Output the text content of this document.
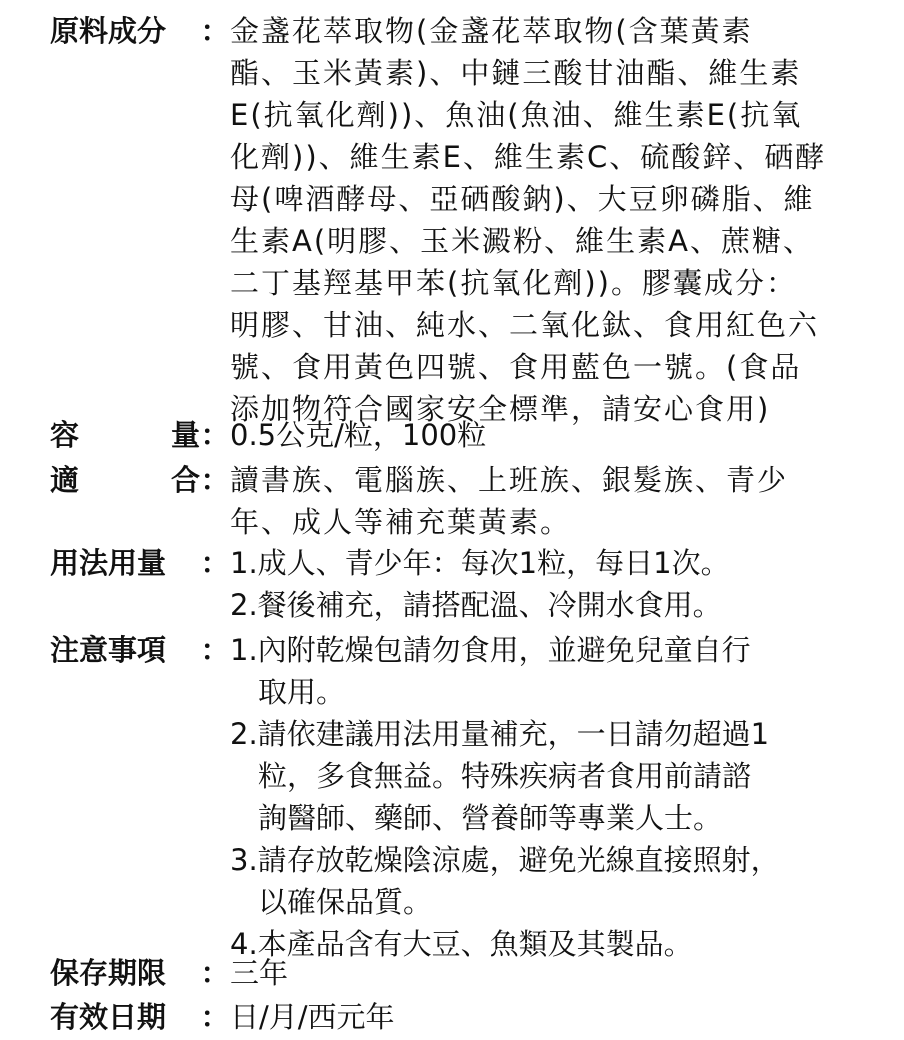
原料成分 ： 金盞花萃取物(金盞花萃取物(含葉黃素
酯、玉米黃素)、中鏈三酸甘油酯、維生素
E(抗氧化劑))、魚油(魚油、維生素E(抗氧
化劑))、維生素E、維生素C、硫酸鋅、硒酵
母(啤酒酵母、亞硒酸鈉)、大豆卵磷脂、維
生素A(明膠、玉米澱粉、維生素A、蔗糖、
二丁基羥基甲苯(抗氧化劑))。膠囊成分：
明膠、甘油、純水、二氧化鈦、食用紅色六
號、食用黃色四號、食用藍色一號。(食品
添加物符合國家安全標準，請安心食用)
容	量 ： 0.5公克/粒，100粒
適	合 ： 讀書族、電腦族、上班族、銀髮族、青少
年、成人等補充葉黃素。
用法用量 ： 1.成人、青少年：每次1粒，每日1次。
2.餐後補充，請搭配溫、冷開水食用。
注意事項 ： 1.內附乾燥包請勿食用，並避免兒童自行
取用。
2.請依建議用法用量補充，一日請勿超過1
粒，多食無益。特殊疾病者食用前請諮
詢醫師、藥師、營養師等專業人士。
3.請存放乾燥陰涼處，避免光線直接照射，
以確保品質。
4.本產品含有大豆、魚類及其製品。
保存期限 ： 三年
有效日期 ： 日/月/西元年
